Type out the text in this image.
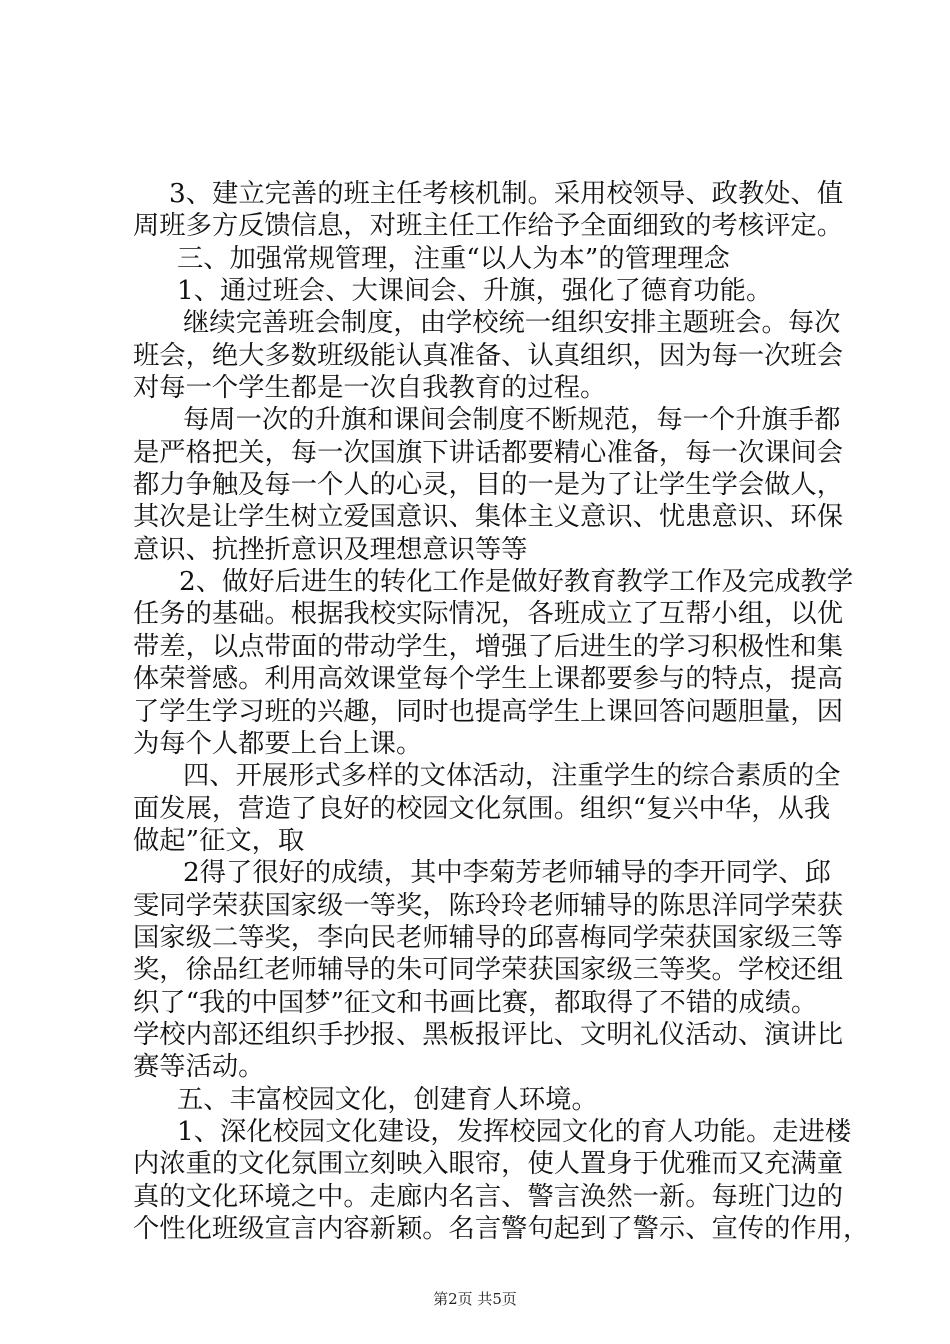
3、建立完善的班主任考核机制。采用校领导、政教处、值

周班多方反馈信息，对班主任工作给予全面细致的考核评定。

三、加强常规管理，注重“以人为本”的管理理念

1、通过班会、大课间会、升旗，强化了德育功能。

继续完善班会制度，由学校统一组织安排主题班会。每次

班会，绝大多数班级能认真准备、认真组织，因为每一次班会

对每一个学生都是一次自我教育的过程。

每周一次的升旗和课间会制度不断规范，每一个升旗手都

是严格把关，每一次国旗下讲话都要精心准备，每一次课间会

都力争触及每一个人的心灵，目的一是为了让学生学会做人，

其次是让学生树立爱国意识、集体主义意识、忧患意识、环保

意识、抗挫折意识及理想意识等等

2、做好后进生的转化工作是做好教育教学工作及完成教学

任务的基础。根据我校实际情况，各班成立了互帮小组，以优

带差，以点带面的带动学生，增强了后进生的学习积极性和集

体荣誉感。利用高效课堂每个学生上课都要参与的特点，提高

了学生学习班的兴趣，同时也提高学生上课回答问题胆量，因

为每个人都要上台上课。

四、开展形式多样的文体活动，注重学生的综合素质的全

面发展，营造了良好的校园文化氛围。组织“复兴中华，从我

做起”征文，取

2得了很好的成绩，其中李菊芳老师辅导的李开同学、邱

雯同学荣获国家级一等奖，陈玲玲老师辅导的陈思洋同学荣获

国家级二等奖，李向民老师辅导的邱喜梅同学荣获国家级三等

奖，徐品红老师辅导的朱可同学荣获国家级三等奖。学校还组

织了“我的中国梦”征文和书画比赛，都取得了不错的成绩。

学校内部还组织手抄报、黑板报评比、文明礼仪活动、演讲比

赛等活动。

五、丰富校园文化，创建育人环境。

1、深化校园文化建设，发挥校园文化的育人功能。走进楼

内浓重的文化氛围立刻映入眼帘，使人置身于优雅而又充满童

真的文化环境之中。走廊内名言、警言涣然一新。每班门边的

个性化班级宣言内容新颖。名言警句起到了警示、宣传的作用，

第2页 共5页
